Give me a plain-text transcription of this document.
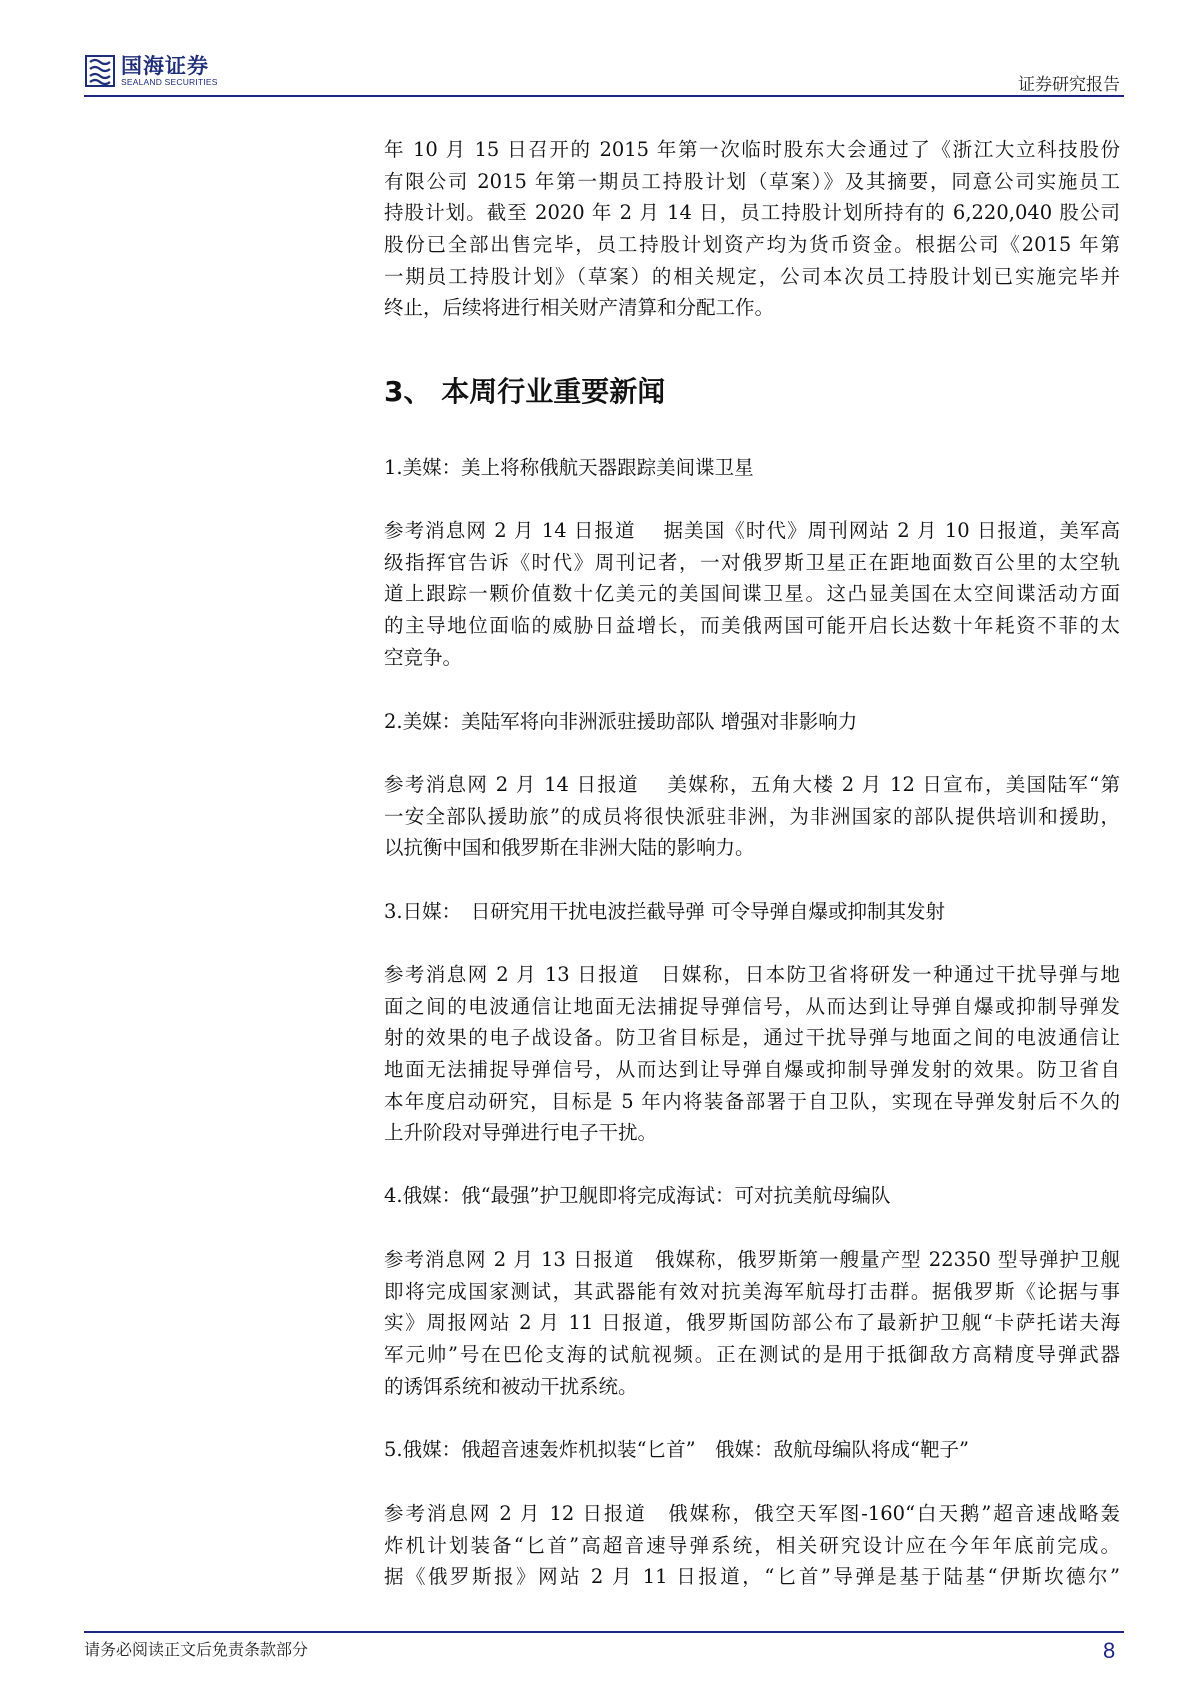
国海证券
SEALAND SECURITIES	证券研究报告
年 10 月 15 日召开的 2015 年第一次临时股东大会通过了《浙江大立科技股份
有限公司 2015 年第一期员工持股计划（草案）》及其摘要，同意公司实施员工
持股计划。截至 2020 年 2 月 14 日，员工持股计划所持有的 6,220,040 股公司
股份已全部出售完毕，员工持股计划资产均为货币资金。根据公司《2015 年第
一期员工持股计划》（草案）的相关规定，公司本次员工持股计划已实施完毕并
终止，后续将进行相关财产清算和分配工作。
3、 本周行业重要新闻
1.美媒：美上将称俄航天器跟踪美间谍卫星
参考消息网 2 月 14 日报道　 据美国《时代》周刊网站 2 月 10 日报道，美军高
级指挥官告诉《时代》周刊记者，一对俄罗斯卫星正在距地面数百公里的太空轨
道上跟踪一颗价值数十亿美元的美国间谍卫星。这凸显美国在太空间谍活动方面
的主导地位面临的威胁日益增长，而美俄两国可能开启长达数十年耗资不菲的太
空竞争。
2.美媒：美陆军将向非洲派驻援助部队 增强对非影响力
参考消息网 2 月 14 日报道　 美媒称，五角大楼 2 月 12 日宣布，美国陆军“第
一安全部队援助旅”的成员将很快派驻非洲，为非洲国家的部队提供培训和援助，
以抗衡中国和俄罗斯在非洲大陆的影响力。
3.日媒：　日研究用干扰电波拦截导弹 可令导弹自爆或抑制其发射
参考消息网 2 月 13 日报道　日媒称，日本防卫省将研发一种通过干扰导弹与地
面之间的电波通信让地面无法捕捉导弹信号，从而达到让导弹自爆或抑制导弹发
射的效果的电子战设备。防卫省目标是，通过干扰导弹与地面之间的电波通信让
地面无法捕捉导弹信号，从而达到让导弹自爆或抑制导弹发射的效果。防卫省自
本年度启动研究，目标是 5 年内将装备部署于自卫队，实现在导弹发射后不久的
上升阶段对导弹进行电子干扰。
4.俄媒：俄“最强”护卫舰即将完成海试：可对抗美航母编队
参考消息网 2 月 13 日报道　俄媒称，俄罗斯第一艘量产型 22350 型导弹护卫舰
即将完成国家测试，其武器能有效对抗美海军航母打击群。据俄罗斯《论据与事
实》周报网站 2 月 11 日报道，俄罗斯国防部公布了最新护卫舰“卡萨托诺夫海
军元帅”号在巴伦支海的试航视频。正在测试的是用于抵御敌方高精度导弹武器
的诱饵系统和被动干扰系统。
5.俄媒：俄超音速轰炸机拟装“匕首”　俄媒：敌航母编队将成“靶子”
参考消息网 2 月 12 日报道　俄媒称，俄空天军图-160“白天鹅”超音速战略轰
炸机计划装备“匕首”高超音速导弹系统，相关研究设计应在今年年底前完成。
据《俄罗斯报》网站 2 月 11 日报道，“匕首”导弹是基于陆基“伊斯坎德尔”
请务必阅读正文后免责条款部分	8
